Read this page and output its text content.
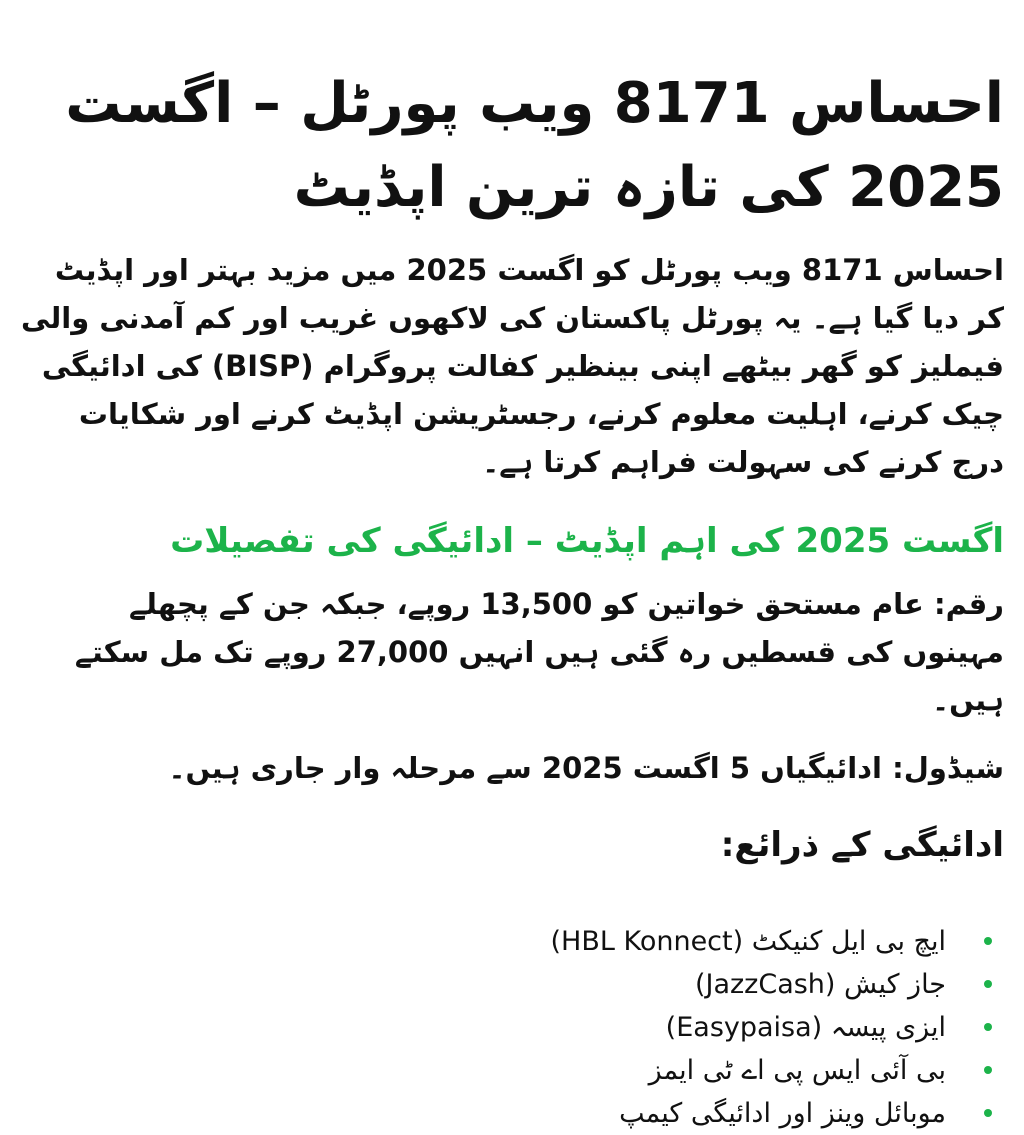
احساس 8171 ویب پورٹل – اگست 2025 کی تازہ ترین اپڈیٹ

احساس 8171 ویب پورٹل کو اگست 2025 میں مزید بہتر اور اپڈیٹ کر دیا گیا ہے۔ یہ پورٹل پاکستان کی لاکھوں غریب اور کم آمدنی والی فیملیز کو گھر بیٹھے اپنی بینظیر کفالت پروگرام (BISP) کی ادائیگی چیک کرنے، اہلیت معلوم کرنے، رجسٹریشن اپڈیٹ کرنے اور شکایات درج کرنے کی سہولت فراہم کرتا ہے۔

اگست 2025 کی اہم اپڈیٹ – ادائیگی کی تفصیلات

رقم: عام مستحق خواتین کو 13,500 روپے، جبکہ جن کے پچھلے مہینوں کی قسطیں رہ گئی ہیں انہیں 27,000 روپے تک مل سکتے ہیں۔

شیڈول: ادائیگیاں 5 اگست 2025 سے مرحلہ وار جاری ہیں۔

ادائیگی کے ذرائع:
ایچ بی ایل کنیکٹ (HBL Konnect)
جاز کیش (JazzCash)
ایزی پیسہ (Easypaisa)
بی آئی ایس پی اے ٹی ایمز
موبائل وینز اور ادائیگی کیمپ
